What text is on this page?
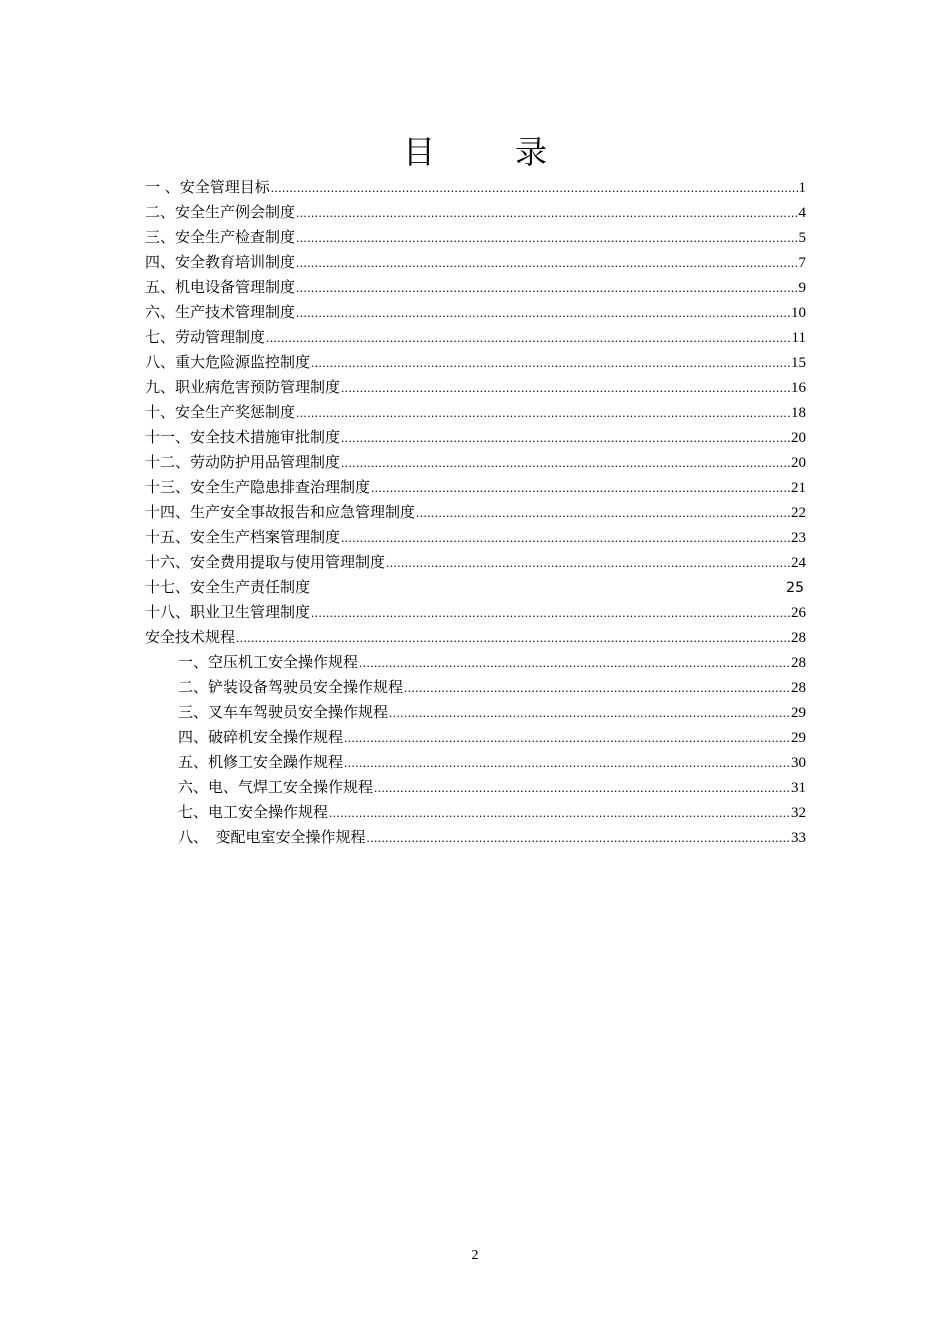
目　录
一 、安全管理目标 .....	1
二、安全生产例会制度 .....	4
三、安全生产检查制度 .....	5
四、安全教育培训制度 .....	7
五、机电设备管理制度 .....	9
六、生产技术管理制度 .....	10
七、劳动管理制度 .....	11
八、重大危险源监控制度 .....	15
九、职业病危害预防管理制度 .....	16
十、安全生产奖惩制度 .....	18
十一、安全技术措施审批制度 .....	20
十二、劳动防护用品管理制度 .....	20
十三、安全生产隐患排查治理制度 .....	21
十四、生产安全事故报告和应急管理制度 .....	22
十五、安全生产档案管理制度 .....	23
十六、安全费用提取与使用管理制度 .....	24
十七、安全生产责任制度	25
十八、职业卫生管理制度 .....	26
安全技术规程 .....	28
一、空压机工安全操作规程 .....	28
二、铲装设备驾驶员安全操作规程 .....	28
三、叉车车驾驶员安全操作规程 .....	29
四、破碎机安全操作规程 .....	29
五、机修工安全躁作规程 .....	30
六、电、气焊工安全操作规程 .....	31
七、电工安全操作规程 .....	32
八、　变配电室安全操作规程 .....	33
2
